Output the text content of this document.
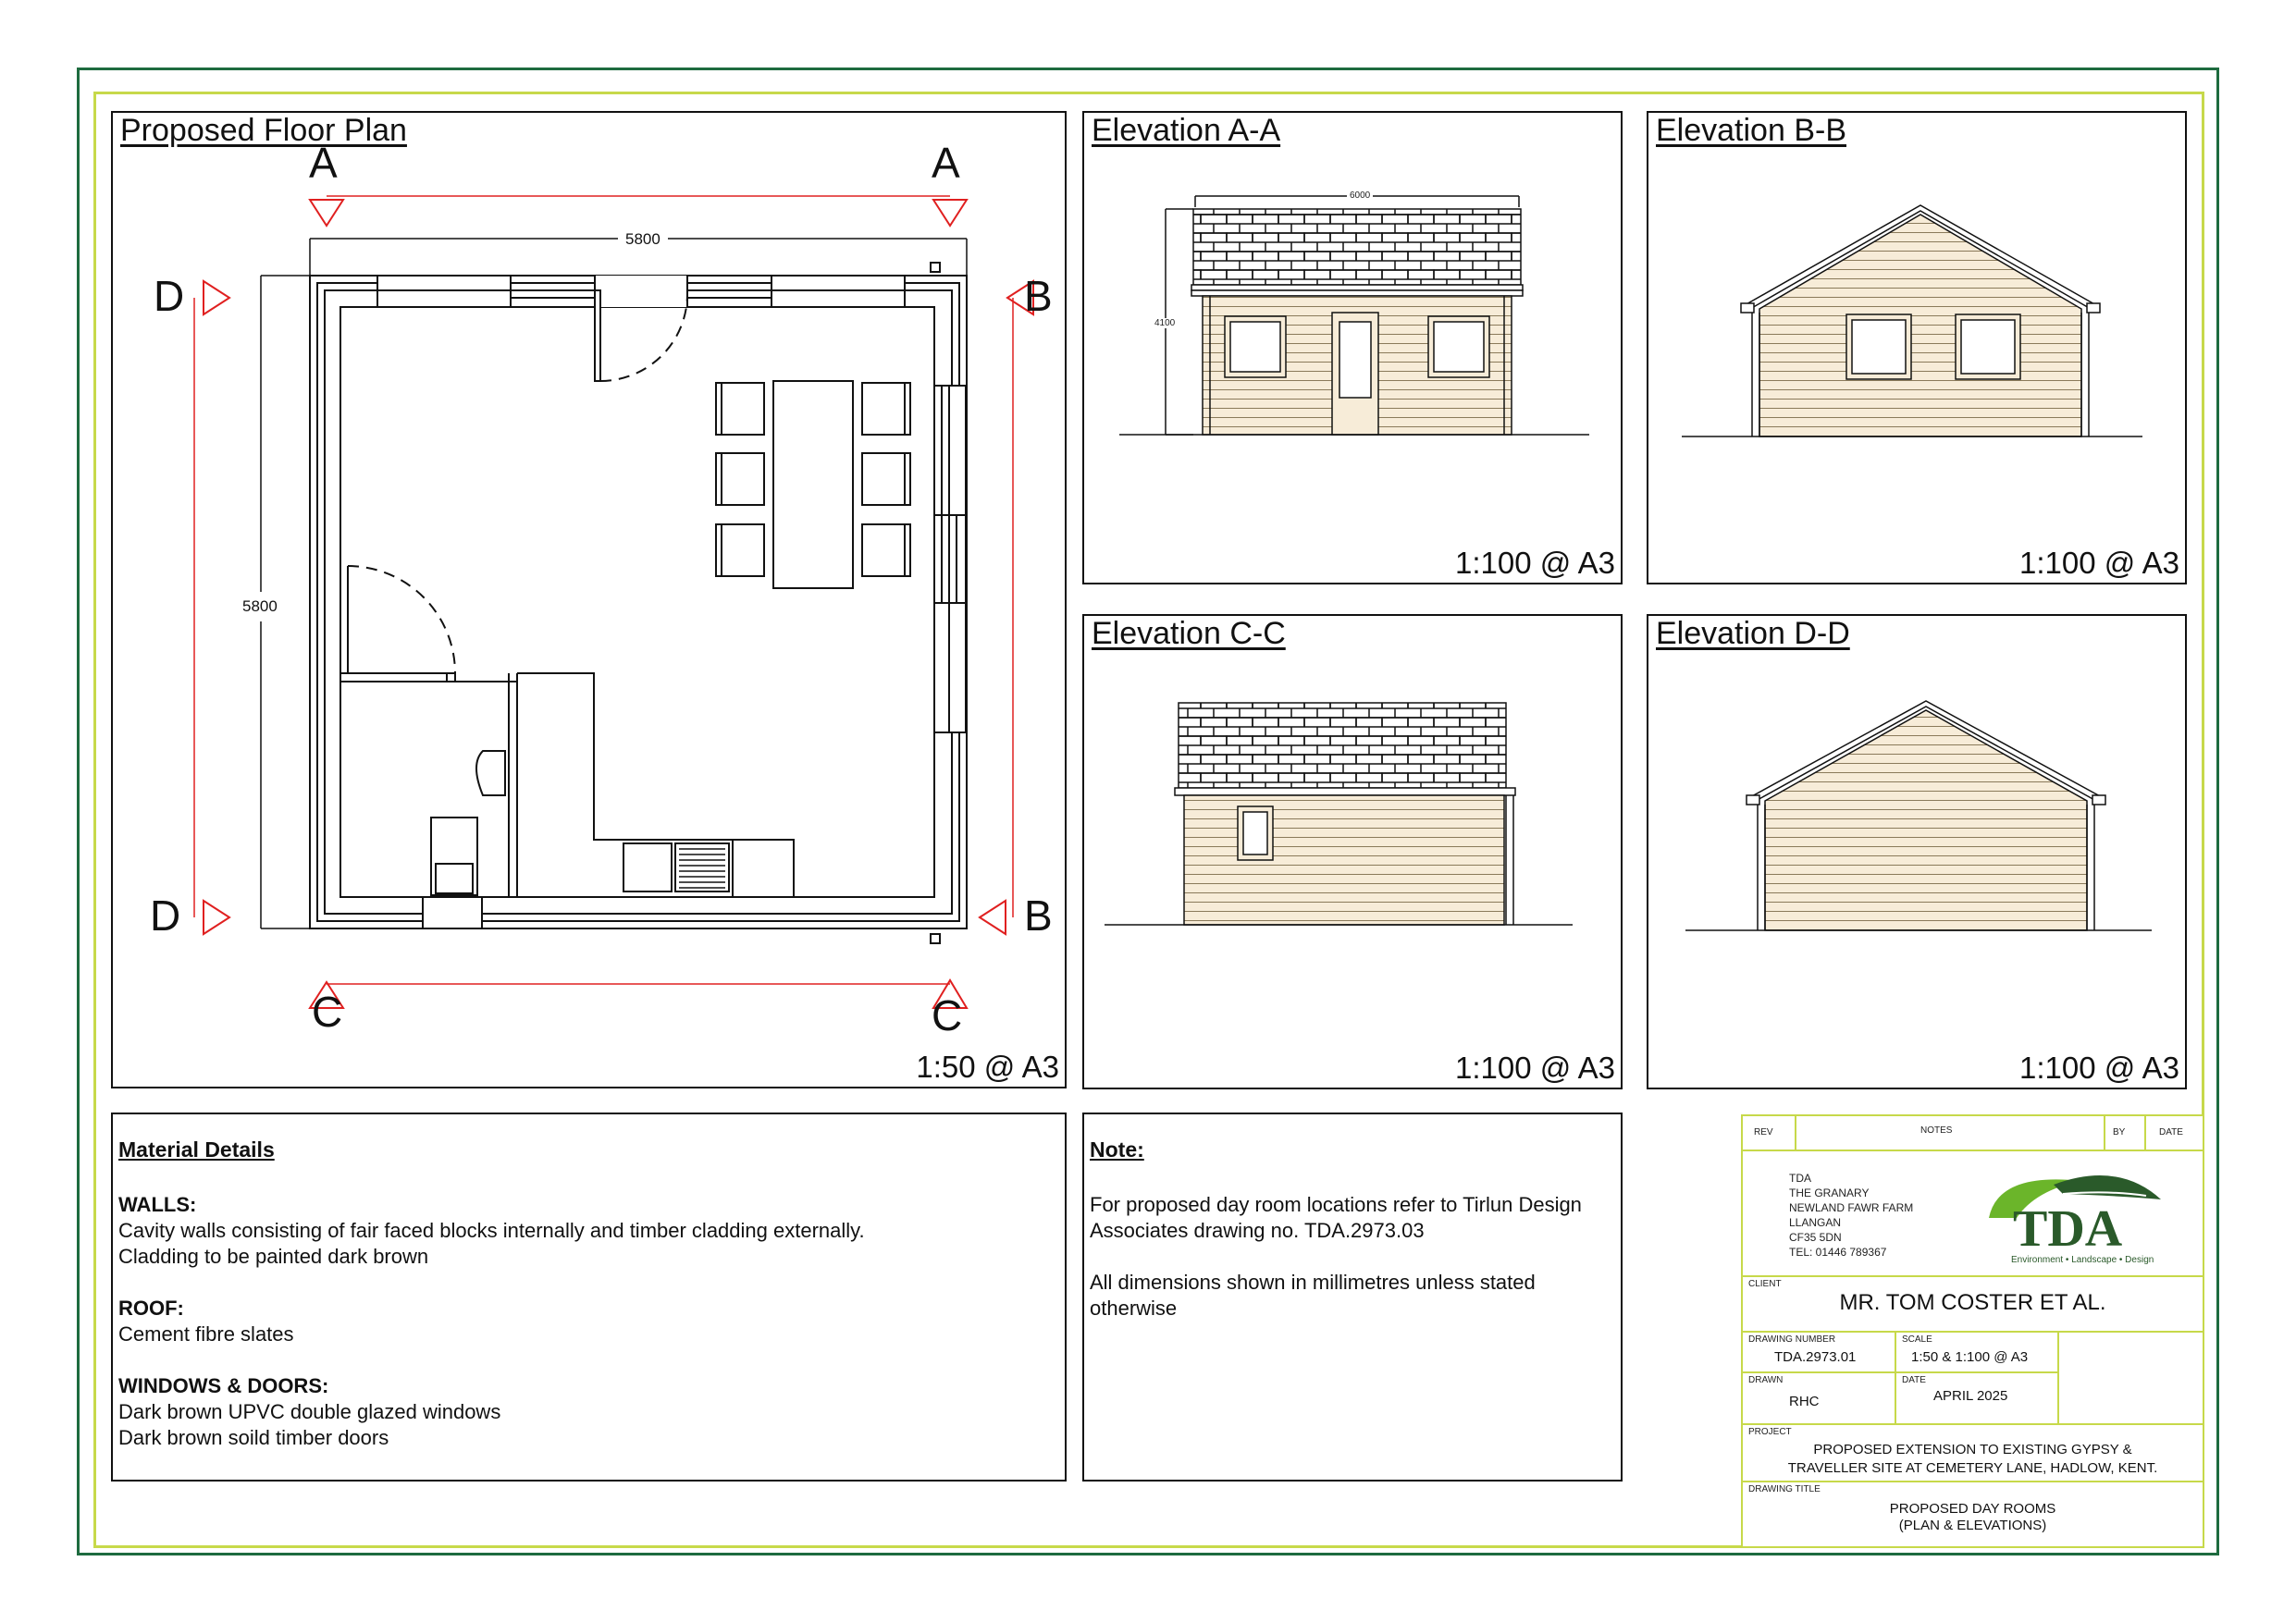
Proposed Floor Plan
5800
5800
A	A
B
B
C	C
D
D
1:50 @ A3
Elevation A-A
6000
4100
1:100 @ A3
Elevation B-B
1:100 @ A3
Elevation C-C
1:100 @ A3
Elevation D-D
1:100 @ A3
Material Details
WALLS:
Cavity walls consisting of fair faced blocks internally and timber cladding externally.
Cladding to be painted dark brown
ROOF:
Cement fibre slates
WINDOWS & DOORS:
Dark brown UPVC double glazed windows
Dark brown soild timber doors
Note:
For proposed day room locations refer to Tirlun Design
Associates drawing no. TDA.2973.03
All dimensions shown in millimetres unless stated
otherwise
REV	NOTES	BY	DATE
TDA
THE GRANARY
NEWLAND FAWR FARM
LLANGAN
CF35 5DN
TEL: 01446 789367 TDA
Environment • Landscape • Design
CLIENT
MR. TOM COSTER ET AL.
DRAWING NUMBER
TDA.2973.01
SCALE
1:50 & 1:100 @ A3
DRAWN
RHC
DATE
APRIL 2025
PROJECT
PROPOSED EXTENSION TO EXISTING GYPSY &
TRAVELLER SITE AT CEMETERY LANE, HADLOW, KENT.
DRAWING TITLE
PROPOSED DAY ROOMS
(PLAN & ELEVATIONS)
